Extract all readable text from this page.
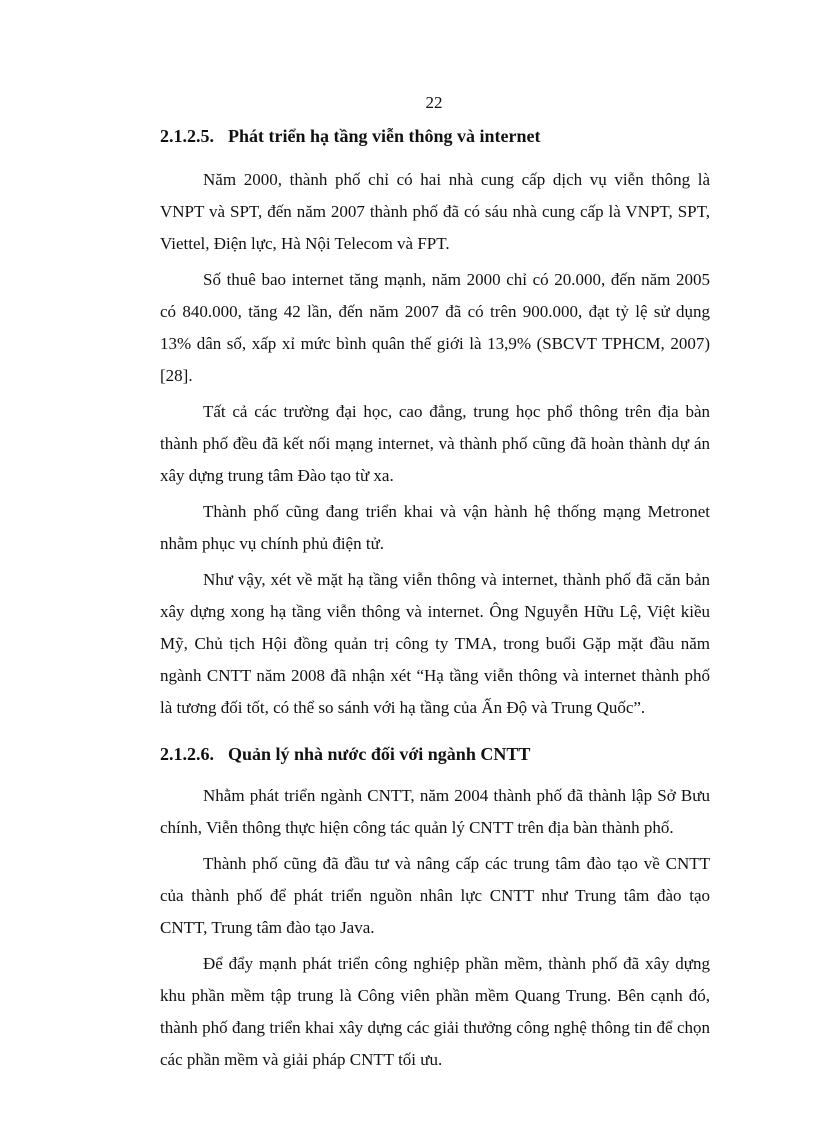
22
2.1.2.5. Phát triển hạ tầng viễn thông và internet

Năm 2000, thành phố chỉ có hai nhà cung cấp dịch vụ viễn thông là VNPT và SPT, đến năm 2007 thành phố đã có sáu nhà cung cấp là VNPT, SPT, Viettel, Điện lực, Hà Nội Telecom và FPT.

Số thuê bao internet tăng mạnh, năm 2000 chỉ có 20.000, đến năm 2005 có 840.000, tăng 42 lần, đến năm 2007 đã có trên 900.000, đạt tỷ lệ sử dụng 13% dân số, xấp xỉ mức bình quân thế giới là 13,9% (SBCVT TPHCM, 2007) [28].

Tất cả các trường đại học, cao đẳng, trung học phổ thông trên địa bàn thành phố đều đã kết nối mạng internet, và thành phố cũng đã hoàn thành dự án xây dựng trung tâm Đào tạo từ xa.

Thành phố cũng đang triển khai và vận hành hệ thống mạng Metronet nhằm phục vụ chính phủ điện tử.

Như vậy, xét về mặt hạ tầng viễn thông và internet, thành phố đã căn bản xây dựng xong hạ tầng viễn thông và internet. Ông Nguyễn Hữu Lệ, Việt kiều Mỹ, Chủ tịch Hội đồng quản trị công ty TMA, trong buổi Gặp mặt đầu năm ngành CNTT năm 2008 đã nhận xét “Hạ tầng viễn thông và internet thành phố là tương đối tốt, có thể so sánh với hạ tầng của Ấn Độ và Trung Quốc”.

2.1.2.6. Quản lý nhà nước đối với ngành CNTT

Nhằm phát triển ngành CNTT, năm 2004 thành phố đã thành lập Sở Bưu chính, Viễn thông thực hiện công tác quản lý CNTT trên địa bàn thành phố.

Thành phố cũng đã đầu tư và nâng cấp các trung tâm đào tạo về CNTT của thành phố để phát triển nguồn nhân lực CNTT như Trung tâm đào tạo CNTT, Trung tâm đào tạo Java.

Để đẩy mạnh phát triển công nghiệp phần mềm, thành phố đã xây dựng khu phần mềm tập trung là Công viên phần mềm Quang Trung. Bên cạnh đó, thành phố đang triển khai xây dựng các giải thưởng công nghệ thông tin để chọn các phần mềm và giải pháp CNTT tối ưu.
